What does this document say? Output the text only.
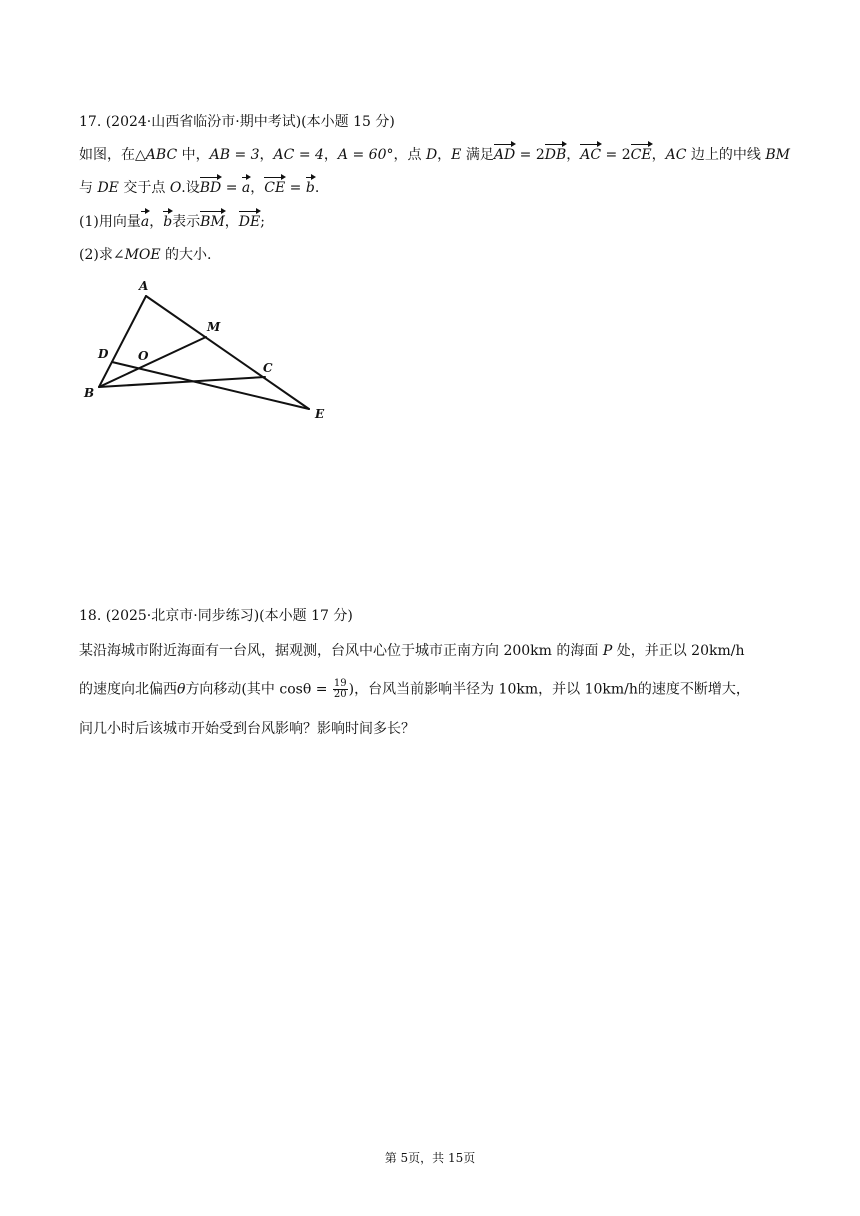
17. (2024·山西省临汾市·期中考试)(本小题 15 分)
如图，在△ABC 中，AB = 3，AC = 4，A = 60°，点 D，E 满足AD = 2DB，AC = 2CE，AC 边上的中线 BM
与 DE 交于点 O.设BD = a，CE = b.
(1)用向量a，b表示BM，DE;
(2)求∠MOE 的大小.
A
M
D O
C
B
E
18. (2025·北京市·同步练习)(本小题 17 分)
某沿海城市附近海面有一台风，据观测，台风中心位于城市正南方向 200km 的海面 P 处，并正以 20km/h
的速度向北偏西θ方向移动(其中 $\cos\theta = \frac{19}{20}$ )，台风当前影响半径为 10km，并以 10km/h的速度不断增大，
问几小时后该城市开始受到台风影响？影响时间多长？
第 5页，共 15页
